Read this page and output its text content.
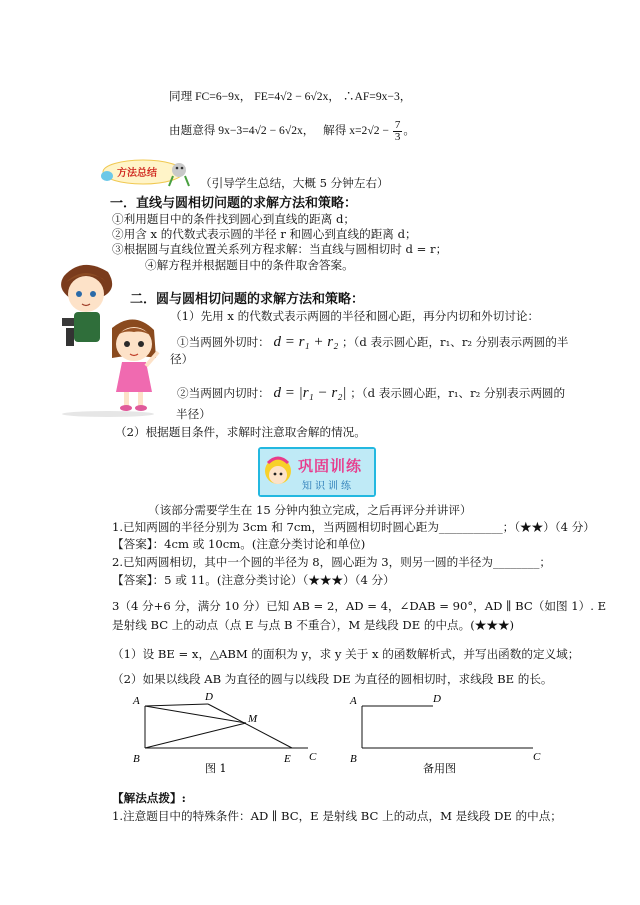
同理 FC=6−9x， FE=4√2 − 6√2x， ∴AF=9x−3，
由题意得 9x−3=4√2 − 6√2x， 解得 $x=2√2 - \frac{7}{3}$ 。
方法总结
（引导学生总结，大概 5 分钟左右）
一．直线与圆相切问题的求解方法和策略：
①利用题目中的条件找到圆心到直线的距离 d；
②用含 x 的代数式表示圆的半径 r 和圆心到直线的距离 d；
③根据圆与直线位置关系列方程求解：当直线与圆相切时 d = r；
④解方程并根据题目中的条件取舍答案。
二．圆与圆相切问题的求解方法和策略：
（1）先用 x 的代数式表示两圆的半径和圆心距，再分内切和外切讨论：
①当两圆外切时： d = r₁ + r₂ ；（d 表示圆心距，r₁、r₂ 分别表示两圆的半
径）
②当两圆内切时： d = |r₁ − r₂| ；（d 表示圆心距，r₁、r₂ 分别表示两圆的
半径）
（2）根据题目条件，求解时注意取舍解的情况。
巩固训练
知识训练
（该部分需要学生在 15 分钟内独立完成，之后再评分并讲评）
1.已知两圆的半径分别为 3cm 和 7cm，当两圆相切时圆心距为___________；（★★）（4 分）
【答案】：4cm 或 10cm。(注意分类讨论和单位)
2.已知两圆相切，其中一个圆的半径为 8，圆心距为 3，则另一圆的半径为________；
【答案】：5 或 11。(注意分类讨论）（★★★）（4 分）
3（4 分+6 分，满分 10 分）已知 AB = 2，AD = 4，∠DAB = 90°，AD ∥ BC（如图 1）. E
是射线 BC 上的动点（点 E 与点 B 不重合），M 是线段 DE 的中点。(★★★)
（1）设 BE = x，△ABM 的面积为 y，求 y 关于 x 的函数解析式，并写出函数的定义域；
（2）如果以线段 AB 为直径的圆与以线段 DE 为直径的圆相切时，求线段 BE 的长。
A	D
M
B	E C
图 1
A	D
B	C
备用图
【解法点拨】:
1.注意题目中的特殊条件：AD ∥ BC，E 是射线 BC 上的动点，M 是线段 DE 的中点；
